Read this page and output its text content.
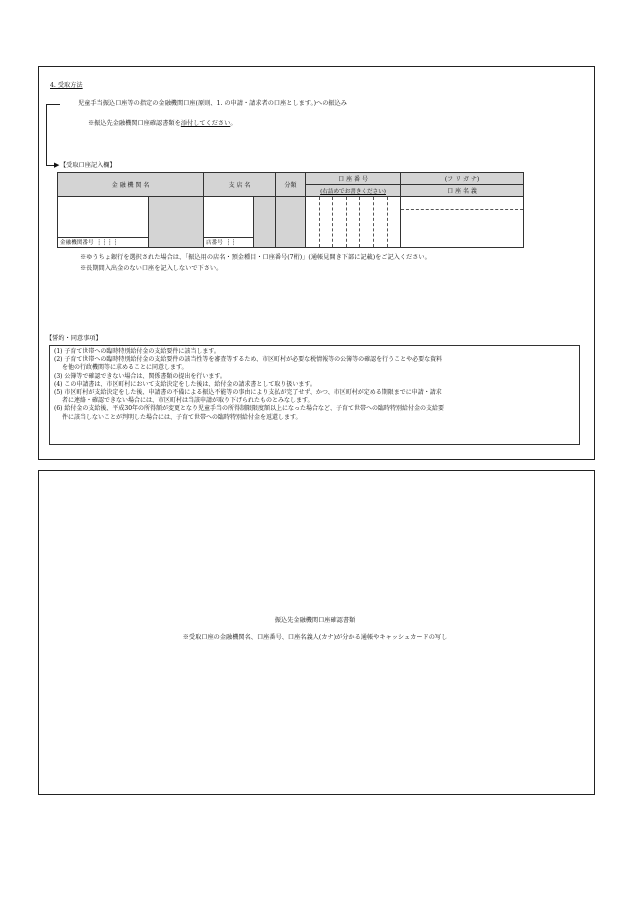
4. 受取方法
▶
児童手当振込口座等の指定の金融機関口座(原則、1. の申請・請求者の口座とします。)への振込み
※振込先金融機関口座確認書類を添付してください。
【受取口座記入欄】
金 融 機 関 名		支 店 名		分類	口 座 番 号	(フ リ ガ ナ)
					(右詰めでお書きください)	口 座 名 義

金融機関番号 ┊┊┊┊		店番号 ┊┊				
※ゆうちょ銀行を選択された場合は、「振込用の店名・預金種目・口座番号(7桁)」(通帳見開き下部に記載)をご記入ください。
※長期間入出金のない口座を記入しないで下さい。
【誓約・同意事項】
(1) 子育て世帯への臨時特別給付金の支給要件に該当します。
(2) 子育て世帯への臨時特別給付金の支給要件の該当性等を審査等するため、市区町村が必要な税情報等の公簿等の確認を行うことや必要な資料
を他の行政機関等に求めることに同意します。
(3) 公簿等で確認できない場合は、関係書類の提出を行います。
(4) この申請書は、市区町村において支給決定をした後は、給付金の請求書として取り扱います。
(5) 市区町村が支給決定をした後、申請書の不備による振込不能等の事由により支払が完了せず、かつ、市区町村が定める期限までに申請・請求
者に連絡・確認できない場合には、市区町村は当該申請が取り下げられたものとみなします。
(6) 給付金の支給後、平成30年の所得額が変更となり児童手当の所得制限限度額以上になった場合など、子育て世帯への臨時特別給付金の支給要
件に該当しないことが判明した場合には、子育て世帯への臨時特別給付金を返還します。
振込先金融機関口座確認書類
※受取口座の金融機関名、口座番号、口座名義人(カナ)が分かる通帳やキャッシュカードの写し
